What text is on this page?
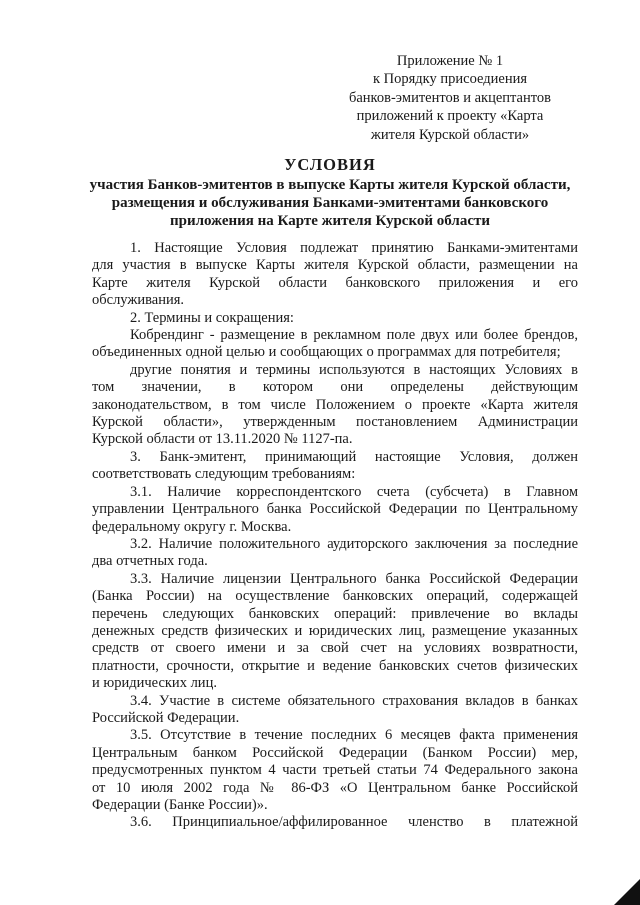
Приложение № 1
к Порядку присоедиения
банков-эмитентов и акцептантов
приложений к проекту «Карта
жителя Курской области»
УСЛОВИЯ
участия Банков-эмитентов в выпуске Карты жителя Курской области,
размещения и обслуживания Банками-эмитентами банковского
приложения на Карте жителя Курской области
1. Настоящие Условия подлежат принятию Банками-эмитентами
для участия в выпуске Карты жителя Курской области, размещении на
Карте жителя Курской области банковского приложения и его
обслуживания.
2. Термины и сокращения:
Кобрендинг - размещение в рекламном поле двух или более брендов,
объединенных одной целью и сообщающих о программах для потребителя;
другие понятия и термины используются в настоящих Условиях в
том значении, в котором они определены действующим
законодательством, в том числе Положением о проекте «Карта жителя
Курской области», утвержденным постановлением Администрации
Курской области от 13.11.2020 № 1127-па.
3. Банк-эмитент, принимающий настоящие Условия, должен
соответствовать следующим требованиям:
3.1. Наличие корреспондентского счета (субсчета) в Главном
управлении Центрального банка Российской Федерации по Центральному
федеральному округу г. Москва.
3.2. Наличие положительного аудиторского заключения за последние
два отчетных года.
3.3. Наличие лицензии Центрального банка Российской Федерации
(Банка России) на осуществление банковских операций, содержащей
перечень следующих банковских операций: привлечение во вклады
денежных средств физических и юридических лиц, размещение указанных
средств от своего имени и за свой счет на условиях возвратности,
платности, срочности, открытие и ведение банковских счетов физических
и юридических лиц.
3.4. Участие в системе обязательного страхования вкладов в банках
Российской Федерации.
3.5. Отсутствие в течение последних 6 месяцев факта применения
Центральным банком Российской Федерации (Банком России) мер,
предусмотренных пунктом 4 части третьей статьи 74 Федерального закона
от 10 июля 2002 года № 86-ФЗ «О Центральном банке Российской
Федерации (Банке России)».
3.6. Принципиальное/аффилированное членство в платежной
